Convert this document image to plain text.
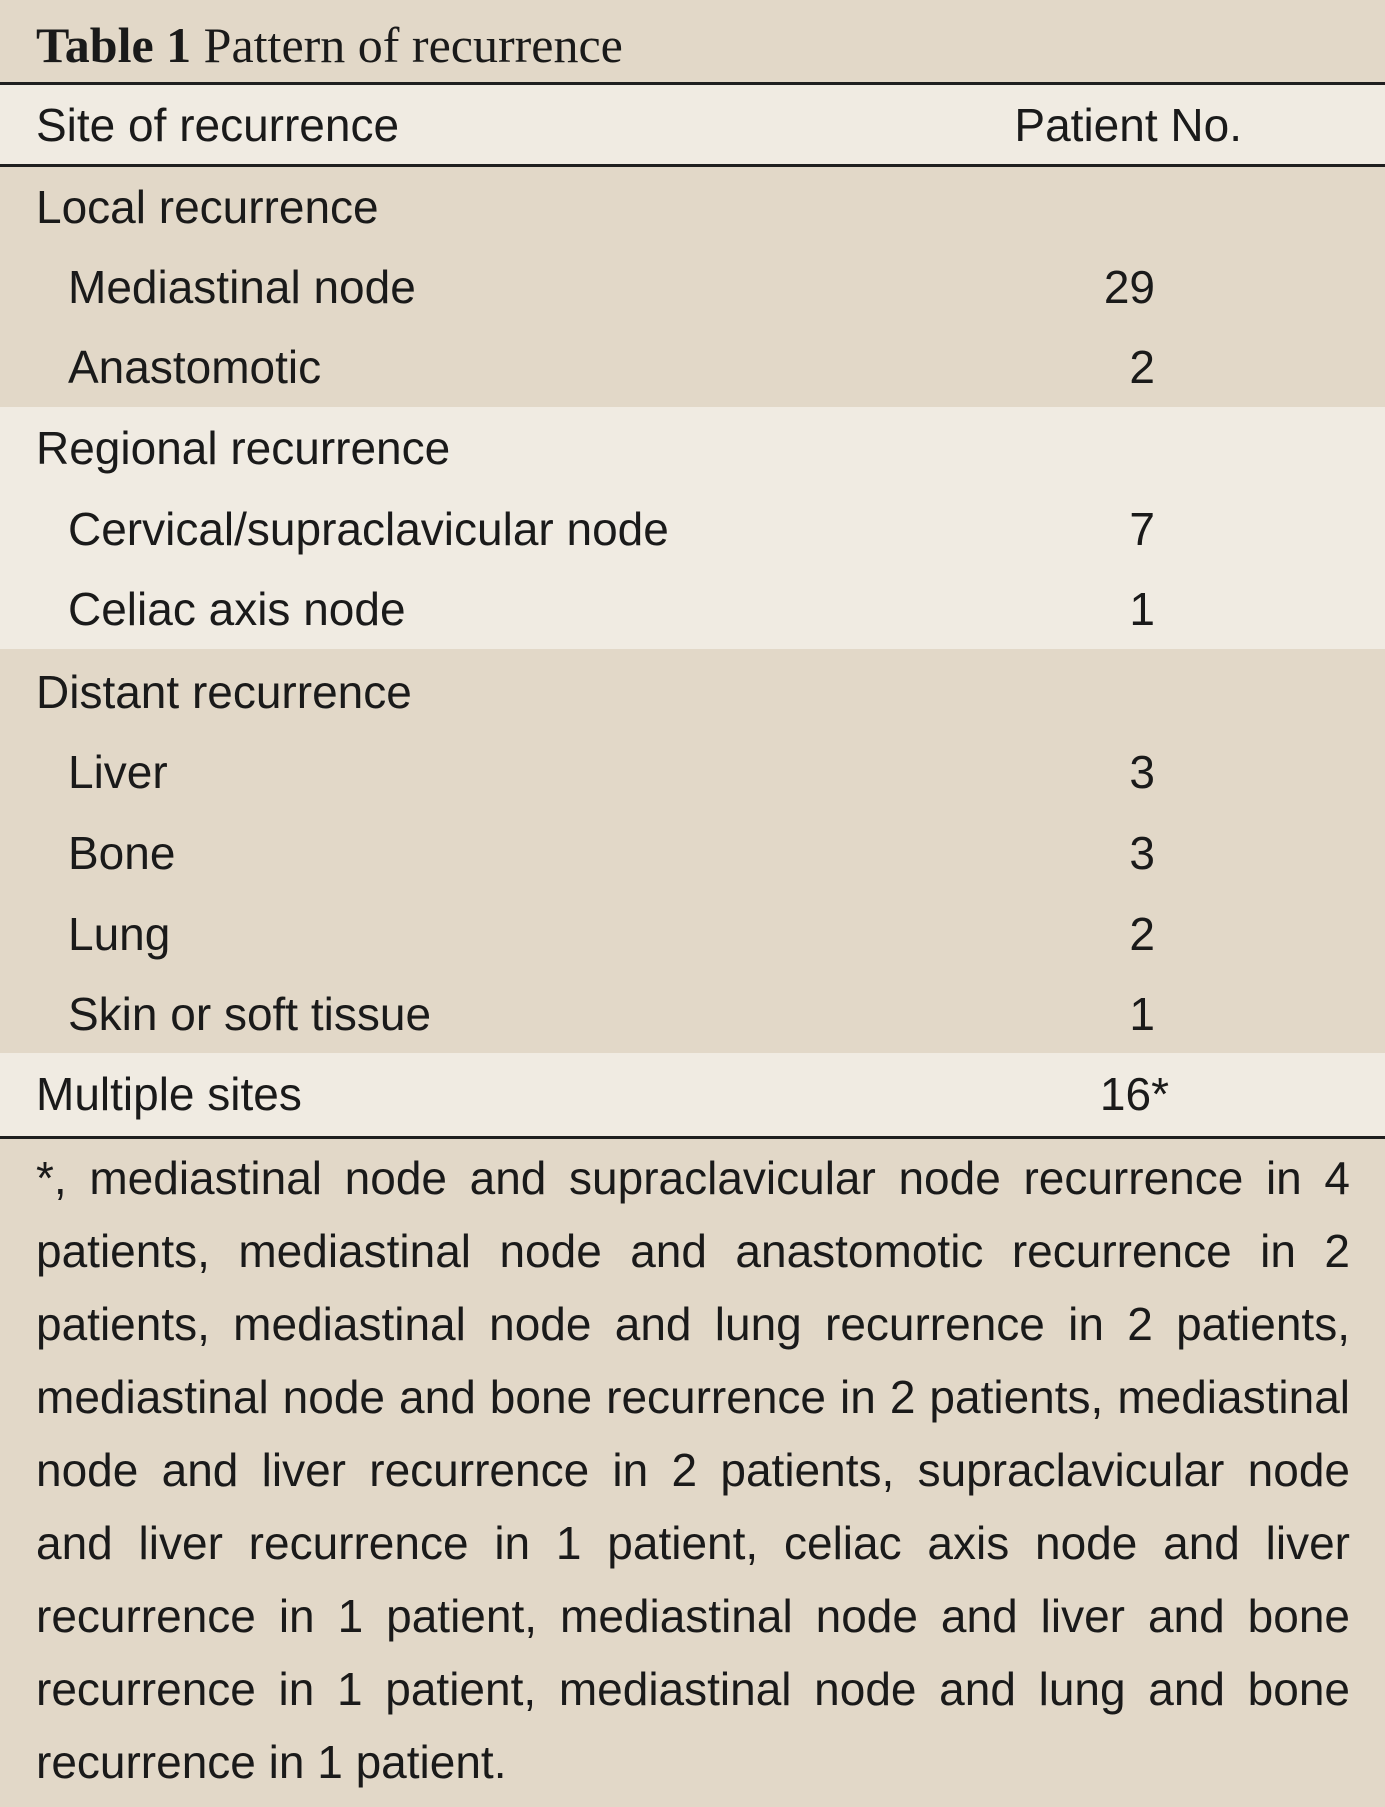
Table 1 Pattern of recurrence
Site of recurrence	Patient No.
Local recurrence
Mediastinal node	29
Anastomotic	2
Regional recurrence
Cervical/supraclavicular node	7
Celiac axis node	1
Distant recurrence
Liver	3
Bone	3
Lung	2
Skin or soft tissue	1
Multiple sites	16*
*, mediastinal node and supraclavicular node recurrence in 4 patients, mediastinal node and anastomotic recurrence in 2 patients, mediastinal node and lung recurrence in 2 patients, mediastinal node and bone recurrence in 2 patients, mediastinal node and liver recurrence in 2 patients, supraclavicular node and liver recurrence in 1 patient, celiac axis node and liver recurrence in 1 patient, mediastinal node and liver and bone recurrence in 1 patient, mediastinal node and lung and bone recurrence in 1 patient.
